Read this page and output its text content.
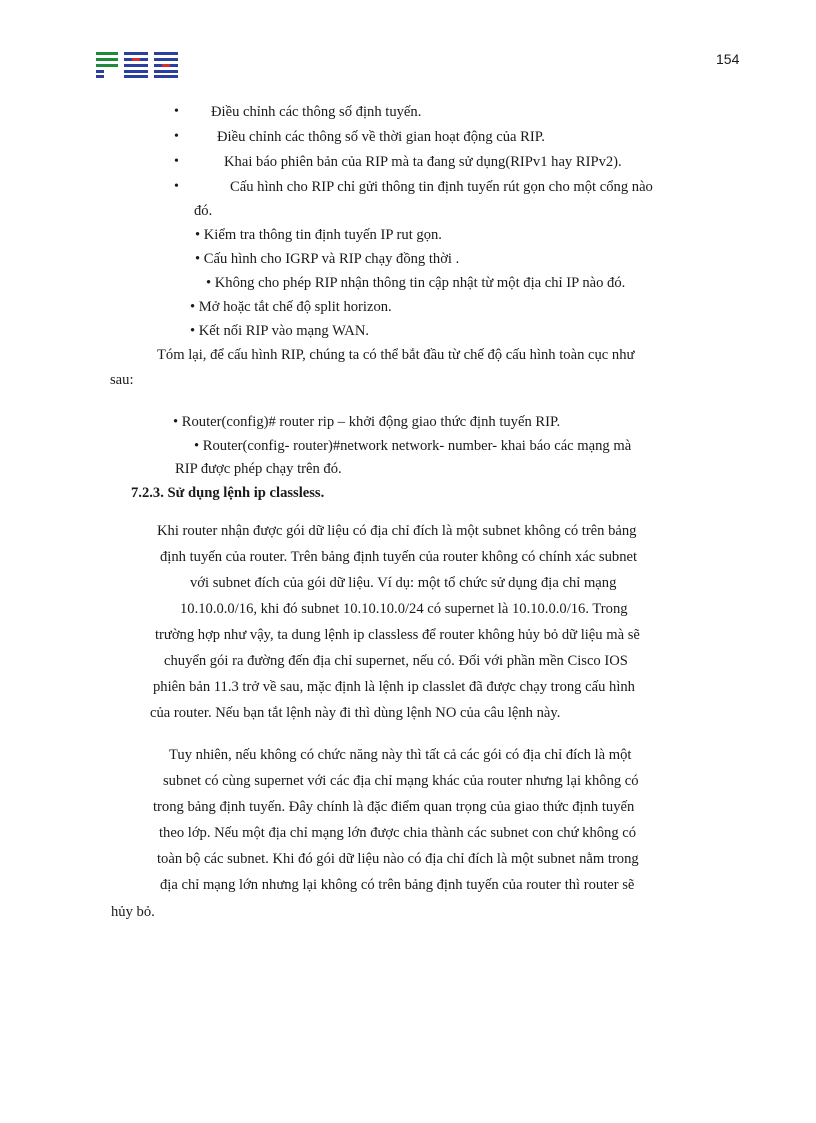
154
• Điều chỉnh các thông số định tuyến.
•	Điều chỉnh các thông số về thời gian hoạt động của RIP.
•	Khai báo phiên bản của RIP mà ta đang sử dụng(RIPv1 hay RIPv2).
•	Cấu hình cho RIP chỉ gửi thông tin định tuyến rút gọn cho một cổng nào
đó.
• Kiểm tra thông tin định tuyến IP rut gọn.
• Cấu hình cho IGRP và RIP chạy đồng thời .
• Không cho phép RIP nhận thông tin cập nhật từ một địa chỉ IP nào đó.
• Mở hoặc tắt chế độ split horizon.
• Kết nối RIP vào mạng WAN.
Tóm lại, để cấu hình RIP, chúng ta có thể bắt đầu từ chế độ cấu hình toàn cục như
sau:
• Router(config)# router rip – khởi động giao thức định tuyến RIP.
• Router(config- router)#network network- number- khai báo các mạng mà
RIP được phép chạy trên đó.
7.2.3. Sử dụng lệnh ip classless.
Khi router nhận được gói dữ liệu có địa chỉ đích là một subnet không có trên bảng
định tuyến của router. Trên bảng định tuyến của router không có chính xác subnet
với subnet đích của gói dữ liệu. Ví dụ: một tổ chức sử dụng địa chỉ mạng
10.10.0.0/16, khi đó subnet 10.10.10.0/24 có supernet là 10.10.0.0/16. Trong
trường hợp như vậy, ta dung lệnh ip classless để router không hủy bỏ dữ liệu mà sẽ
chuyển gói ra đường đến địa chỉ supernet, nếu có. Đối với phần mền Cisco IOS
phiên bản 11.3 trở về sau, mặc định là lệnh ip classlet đã được chạy trong cấu hình
của router. Nếu bạn tắt lệnh này đi thì dùng lệnh NO của câu lệnh này.
Tuy nhiên, nếu không có chức năng này thì tất cả các gói có địa chỉ đích là một
subnet có cùng supernet với các địa chỉ mạng khác của router nhưng lại không có
trong bảng định tuyến. Đây chính là đặc điểm quan trọng của giao thức định tuyến
theo lớp. Nếu một địa chỉ mạng lớn được chia thành các subnet con chứ không có
toàn bộ các subnet. Khi đó gói dữ liệu nào có địa chỉ đích là một subnet nằm trong
địa chỉ mạng lớn nhưng lại không có trên bảng định tuyến của router thì router sẽ
hủy bỏ.
